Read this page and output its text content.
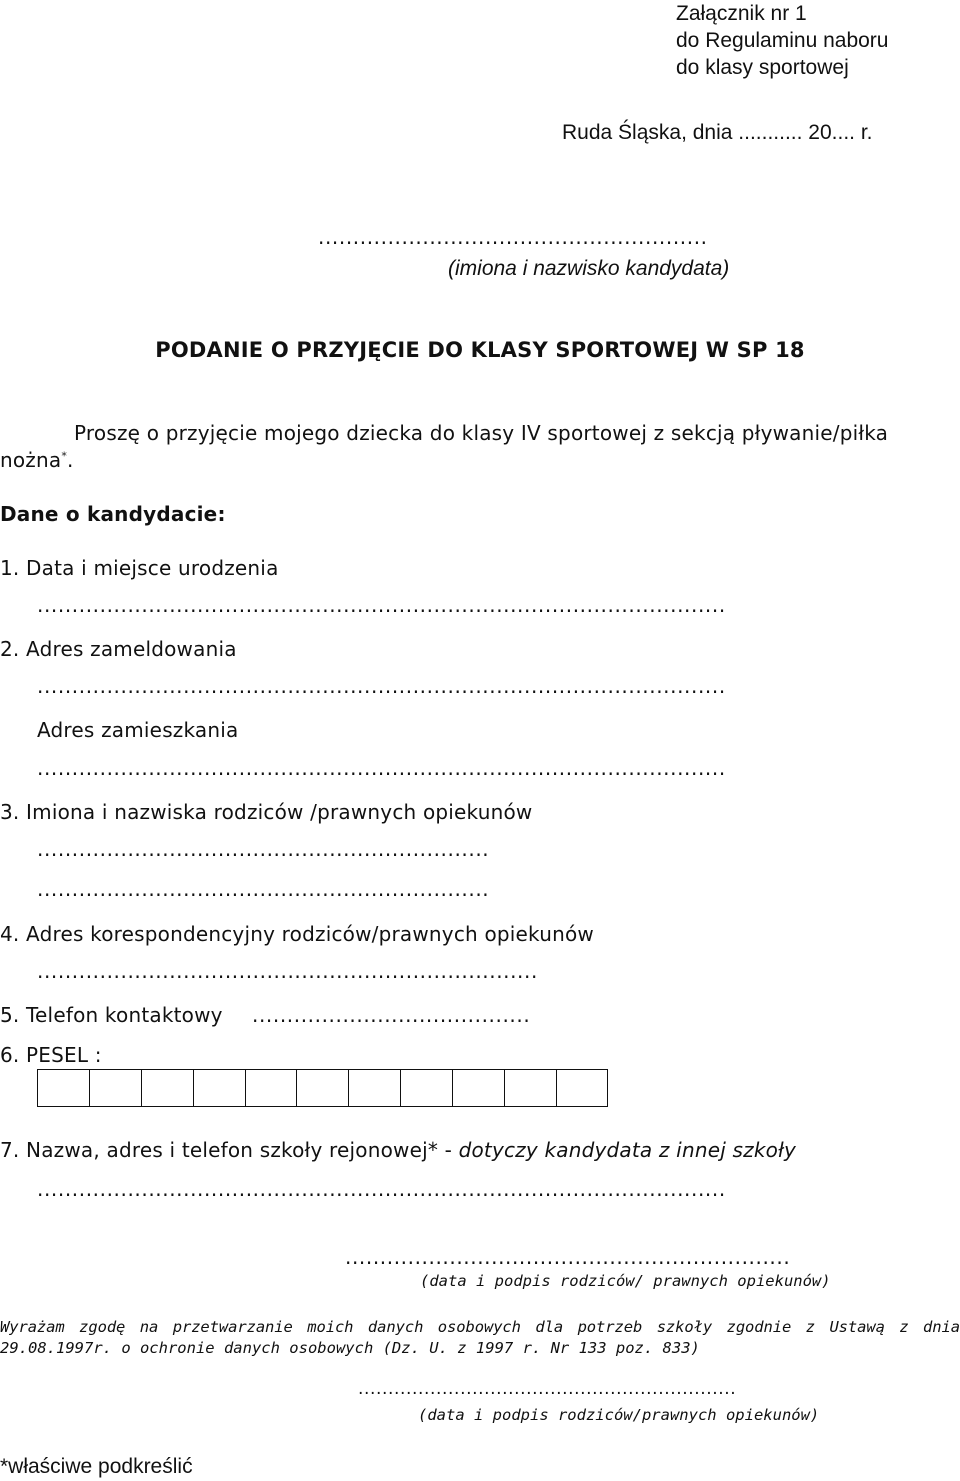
Załącznik nr 1
do Regulaminu naboru
do klasy sportowej
Ruda Śląska, dnia ........... 20.... r.
........................................................
(imiona i nazwisko kandydata)
PODANIE O PRZYJĘCIE DO KLASY SPORTOWEJ W SP 18
Proszę o przyjęcie mojego dziecka do klasy IV sportowej z sekcją pływanie/piłka
nożna*.
Dane o kandydacie:
1. Data i miejsce urodzenia
...................................................................................................
2. Adres zameldowania
...................................................................................................
Adres zamieszkania
...................................................................................................
3. Imiona i nazwiska rodziców /prawnych opiekunów
.................................................................
.................................................................
4. Adres korespondencyjny rodziców/prawnych opiekunów
........................................................................
5. Telefon kontaktowy ........................................
6. PESEL :
7. Nazwa, adres i telefon szkoły rejonowej* - dotyczy kandydata z innej szkoły
...................................................................................................
................................................................
(data i podpis rodziców/ prawnych opiekunów)
Wyrażam zgodę na przetwarzanie moich danych osobowych dla potrzeb szkoły zgodnie z Ustawą z dnia
29.08.1997r. o ochronie danych osobowych (Dz. U. z 1997 r. Nr 133 poz. 833)
...............................................................
(data i podpis rodziców/prawnych opiekunów)
*właściwe podkreślić
